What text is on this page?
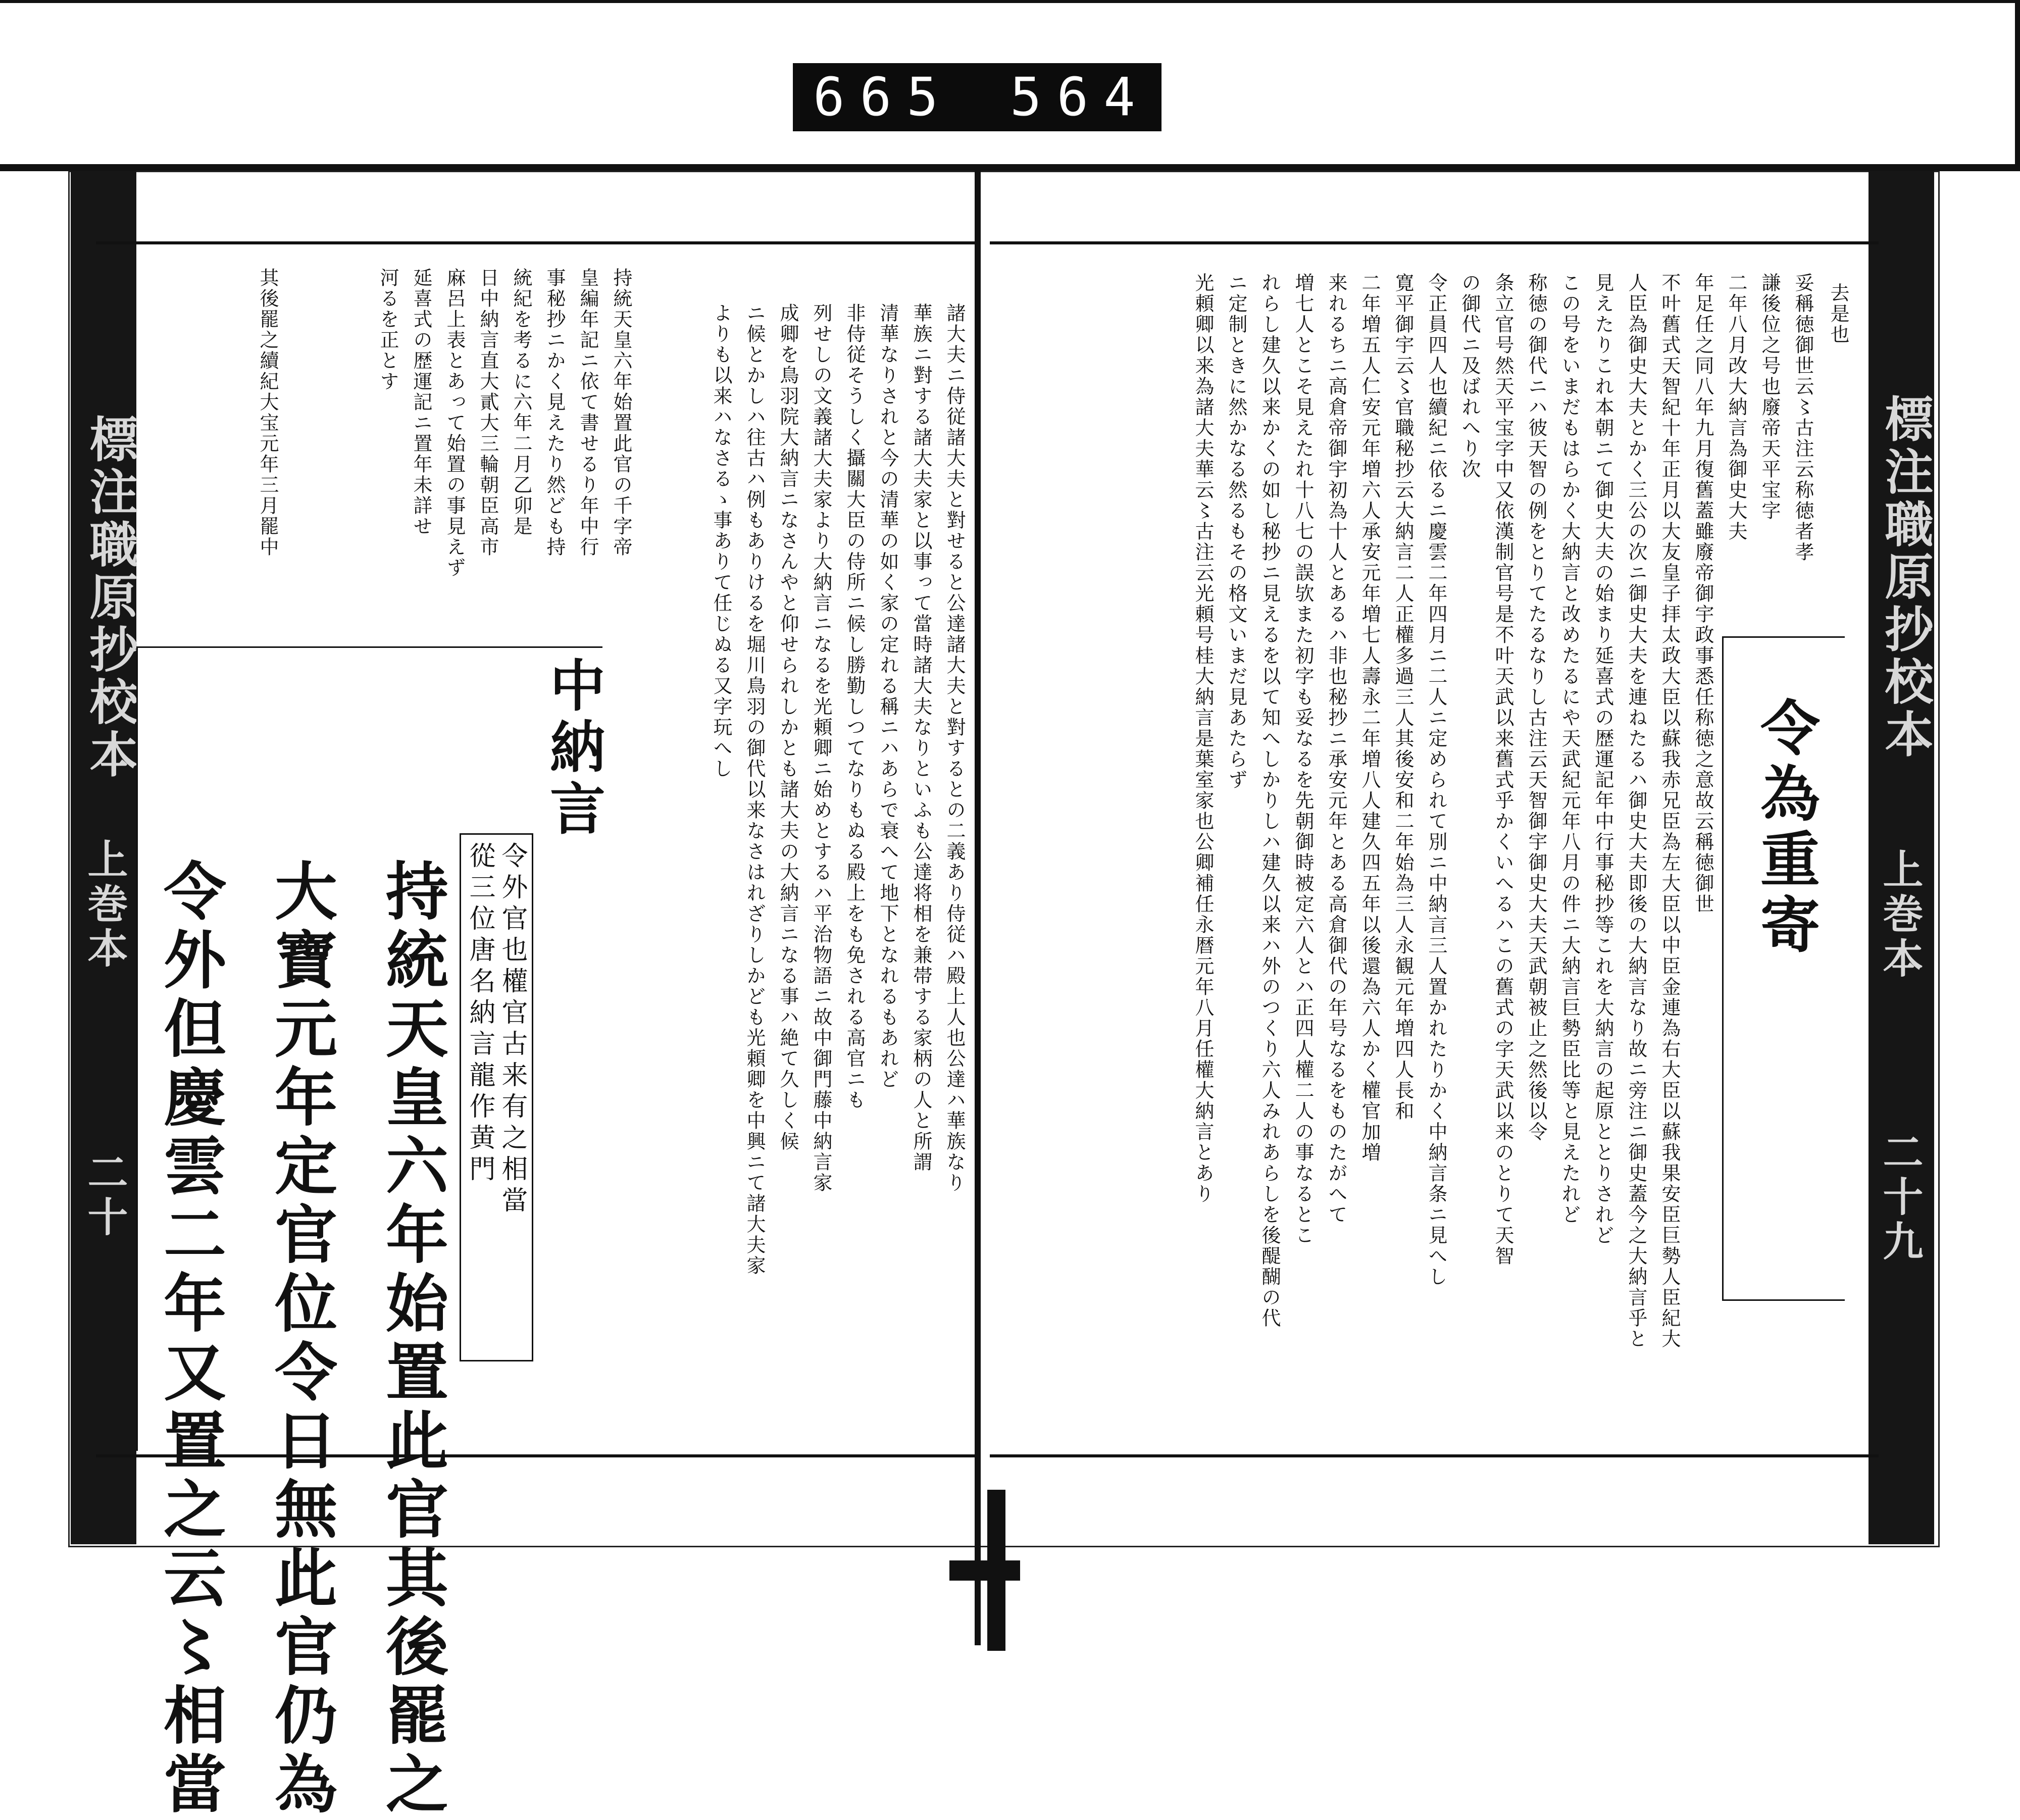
665 564
標注職原抄校本
上巻本
二十九
標注職原抄校本
上巻本
二十
持統天皇六年始置此官の千字帝
皇編年記ニ依て書せるり年中行
事秘抄ニかく見えたり然ども持
統紀を考るに六年二月乙卯是
日中納言直大貳大三輪朝臣高市
麻呂上表とあって始置の事見えず
延喜式の歴運記ニ置年未詳せ
河るを正とす
其後罷之續紀大宝元年三月罷中	諸大夫ニ侍従諸大夫と對せると公達諸大夫と對するとの二義あり侍従ハ殿上人也公達ハ華族なり
華族ニ對する諸大夫家と以事って當時諸大夫なりといふも公達将相を兼帯する家柄の人と所謂
清華なりされと今の清華の如く家の定れる稱ニハあらで衰へて地下となれるもあれど
非侍従そうしく攝關大臣の侍所ニ候し勝勤しつてなりもぬる殿上をも免される高官ニも
列せしの文義諸大夫家より大納言ニなるを光頼卿ニ始めとするハ平治物語ニ故中御門藤中納言家
成卿を鳥羽院大納言ニなさんやと仰せられしかとも諸大夫の大納言ニなる事ハ絶て久しく候
ニ候とかしハ往古ハ例もありけるを堀川鳥羽の御代以来なさはれざりしかども光頼卿を中興ニて諸大夫家
よりも以来ハなさるゝ事ありて任じぬる又字玩へし
中納言
令外官也權官古来有之相當
從三位唐名納言龍作黄門
持統天皇六年始置此官其後罷之
大寶元年定官位令日無此官仍為
令外但慶雲二年又置之云〻相當
去是也
妥稱徳御世云〻古注云称徳者孝
謙後位之号也廢帝天平宝字
二年八月改大納言為御史大夫
年足任之同八年九月復舊蓋雖廢帝御宇政事悉任称徳之意故云稱徳御世
不叶舊式天智紀十年正月以大友皇子拝太政大臣以蘇我赤兄臣為左大臣以中臣金連為右大臣以蘇我果安臣巨勢人臣紀大
人臣為御史大夫とかく三公の次ニ御史大夫を連ねたるハ御史大夫即後の大納言なり故ニ旁注ニ御史蓋今之大納言乎と
見えたりこれ本朝ニて御史大夫の始まり延喜式の歴運記年中行事秘抄等これを大納言の起原ととりされど
この号をいまだもはらかく大納言と改めたるにや天武紀元年八月の件ニ大納言巨勢臣比等と見えたれど
称徳の御代ニハ彼天智の例をとりてたるなりし古注云天智御宇御史大夫天武朝被止之然後以令
条立官号然天平宝字中又依漢制官号是不叶天武以来舊式乎かくいへるハこの舊式の字天武以来のとりて天智
の御代ニ及ばれへり次
令正員四人也續紀ニ依るニ慶雲二年四月ニ二人ニ定められて別ニ中納言三人置かれたりかく中納言条ニ見へし
寛平御宇云〻官職秘抄云大納言二人正權多過三人其後安和二年始為三人永観元年増四人長和
二年増五人仁安元年増六人承安元年増七人壽永二年増八人建久四五年以後還為六人かく權官加増
来れるちニ高倉帝御宇初為十人とあるハ非也秘抄ニ承安元年とある高倉御代の年号なるをものたがへて
増七人とこそ見えたれ十八七の誤欤また初字も妥なるを先朝御時被定六人とハ正四人權二人の事なるとこ
れらし建久以来かくの如し秘抄ニ見えるを以て知へしかりしハ建久以来ハ外のつくり六人みれあらしを後醍醐の代
ニ定制ときに然かなる然るもその格文いまだ見あたらず
光頼卿以来為諸大夫華云〻古注云光頼号桂大納言是葉室家也公卿補任永暦元年八月任權大納言とあり	令為重寄
